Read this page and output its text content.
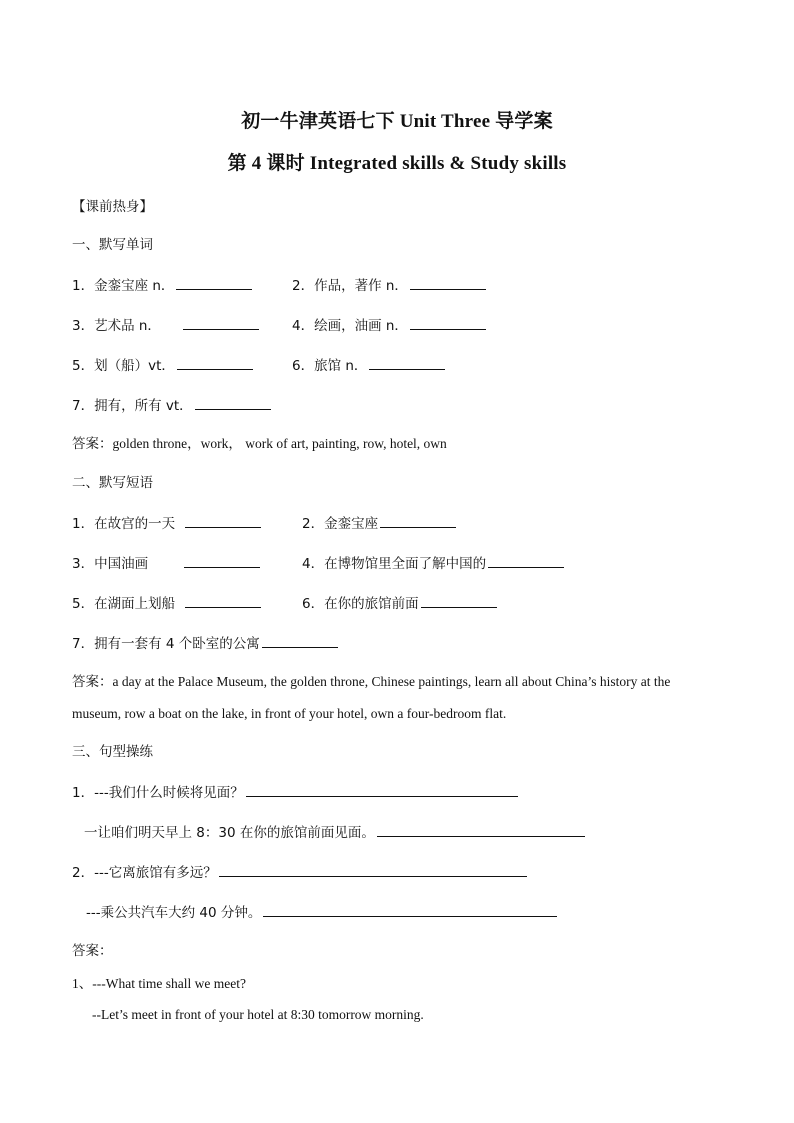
初一牛津英语七下 Unit Three 导学案
第 4 课时 Integrated skills & Study skills
【课前热身】
一、默写单词
1．金銮宝座 n．	2．作品，著作 n．
3．艺术品 n．	4．绘画，油画 n．
5．划（船）vt．	6．旅馆 n．
7．拥有，所有 vt．
答案：golden throne，work， work of art, painting, row, hotel, own
二、默写短语
1．在故宫的一天	2．金銮宝座
3．中国油画	4．在博物馆里全面了解中国的
5．在湖面上划船	6．在你的旅馆前面
7．拥有一套有 4 个卧室的公寓
答案：a day at the Palace Museum, the golden throne, Chinese paintings, learn all about China’s history at the
museum, row a boat on the lake, in front of your hotel, own a four-bedroom flat.
三、句型操练
1．---我们什么时候将见面？
一让咱们明天早上 8：30 在你的旅馆前面见面。
2．---它离旅馆有多远？
---乘公共汽车大约 40 分钟。
答案：
1、---What time shall we meet?
--Let’s meet in front of your hotel at 8:30 tomorrow morning.
